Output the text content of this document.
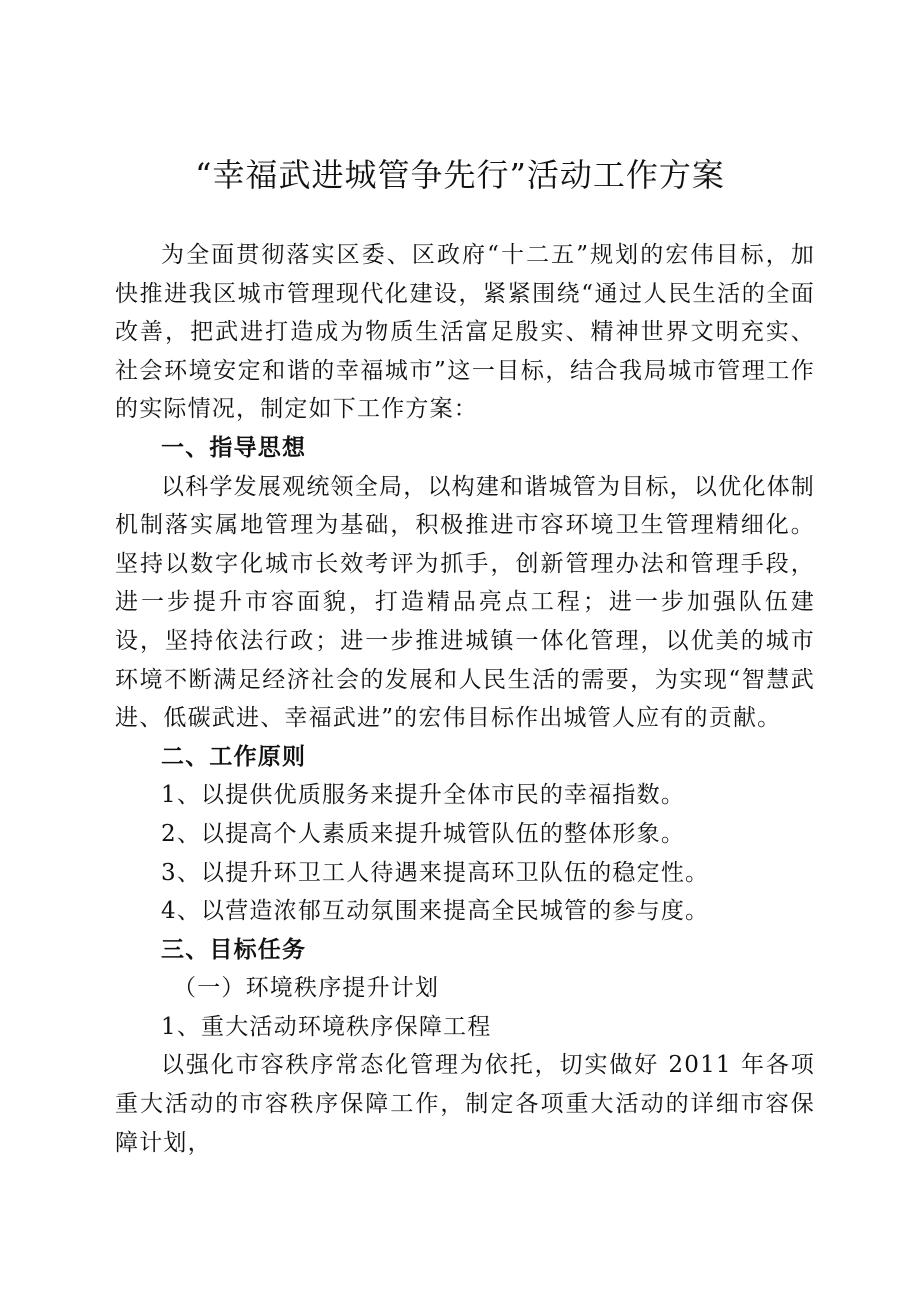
“幸福武进城管争先行”活动工作方案

为全面贯彻落实区委、区政府“十二五”规划的宏伟目标，加快推进我区城市管理现代化建设，紧紧围绕“通过人民生活的全面改善，把武进打造成为物质生活富足殷实、精神世界文明充实、社会环境安定和谐的幸福城市”这一目标，结合我局城市管理工作的实际情况，制定如下工作方案：

一、指导思想

以科学发展观统领全局，以构建和谐城管为目标，以优化体制机制落实属地管理为基础，积极推进市容环境卫生管理精细化。坚持以数字化城市长效考评为抓手，创新管理办法和管理手段，进一步提升市容面貌，打造精品亮点工程；进一步加强队伍建设，坚持依法行政；进一步推进城镇一体化管理，以优美的城市环境不断满足经济社会的发展和人民生活的需要，为实现“智慧武进、低碳武进、幸福武进”的宏伟目标作出城管人应有的贡献。

二、工作原则

1、以提供优质服务来提升全体市民的幸福指数。

2、以提高个人素质来提升城管队伍的整体形象。

3、以提升环卫工人待遇来提高环卫队伍的稳定性。

4、以营造浓郁互动氛围来提高全民城管的参与度。

三、目标任务

（一）环境秩序提升计划

1、重大活动环境秩序保障工程

以强化市容秩序常态化管理为依托，切实做好 2011 年各项重大活动的市容秩序保障工作，制定各项重大活动的详细市容保障计划，
